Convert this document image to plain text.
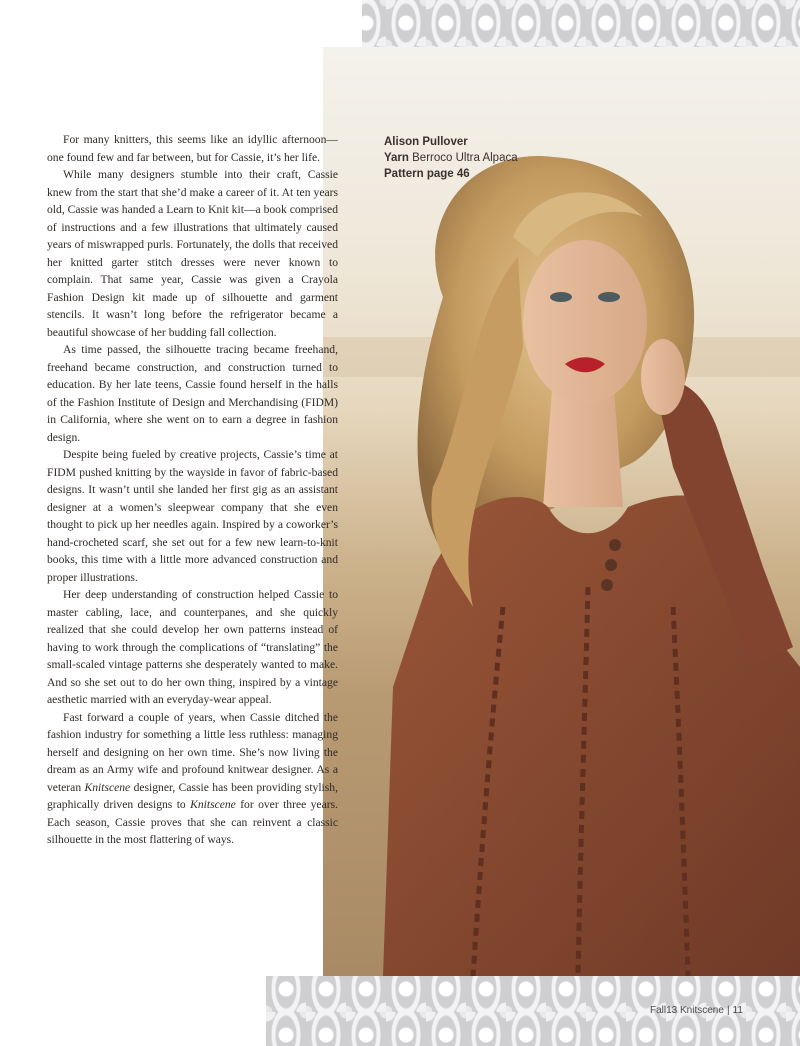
Alison Pullover
Yarn Berroco Ultra Alpaca
Pattern page 46

For many knitters, this seems like an idyllic afternoon—one found few and far between, but for Cassie, it’s her life.

While many designers stumble into their craft, Cassie knew from the start that she’d make a career of it. At ten years old, Cassie was handed a Learn to Knit kit—a book comprised of instructions and a few illustrations that ultimately caused years of miswrapped purls. Fortunately, the dolls that received her knitted garter stitch dresses were never known to complain. That same year, Cassie was given a Crayola Fashion Design kit made up of silhouette and garment stencils. It wasn’t long before the refrigerator became a beautiful showcase of her budding fall collection.

As time passed, the silhouette tracing became freehand, freehand became construction, and construction turned to education. By her late teens, Cassie found herself in the halls of the Fashion Institute of Design and Merchandising (FIDM) in California, where she went on to earn a degree in fashion design.

Despite being fueled by creative projects, Cassie’s time at FIDM pushed knitting by the wayside in favor of fabric-based designs. It wasn’t until she landed her first gig as an assistant designer at a women’s sleepwear company that she even thought to pick up her needles again. Inspired by a coworker’s hand-crocheted scarf, she set out for a few new learn-to-knit books, this time with a little more advanced construction and proper illustrations.

Her deep understanding of construction helped Cassie to master cabling, lace, and counterpanes, and she quickly realized that she could develop her own patterns instead of having to work through the complications of “translating” the small-scaled vintage patterns she desperately wanted to make. And so she set out to do her own thing, inspired by a vintage aesthetic married with an everyday-wear appeal.

Fast forward a couple of years, when Cassie ditched the fashion industry for something a little less ruthless: managing herself and designing on her own time. She’s now living the dream as an Army wife and profound knitwear designer. As a veteran Knitscene designer, Cassie has been providing stylish, graphically driven designs to Knitscene for over three years. Each season, Cassie proves that she can reinvent a classic silhouette in the most flattering of ways.

Fall13 Knitscene | 11
